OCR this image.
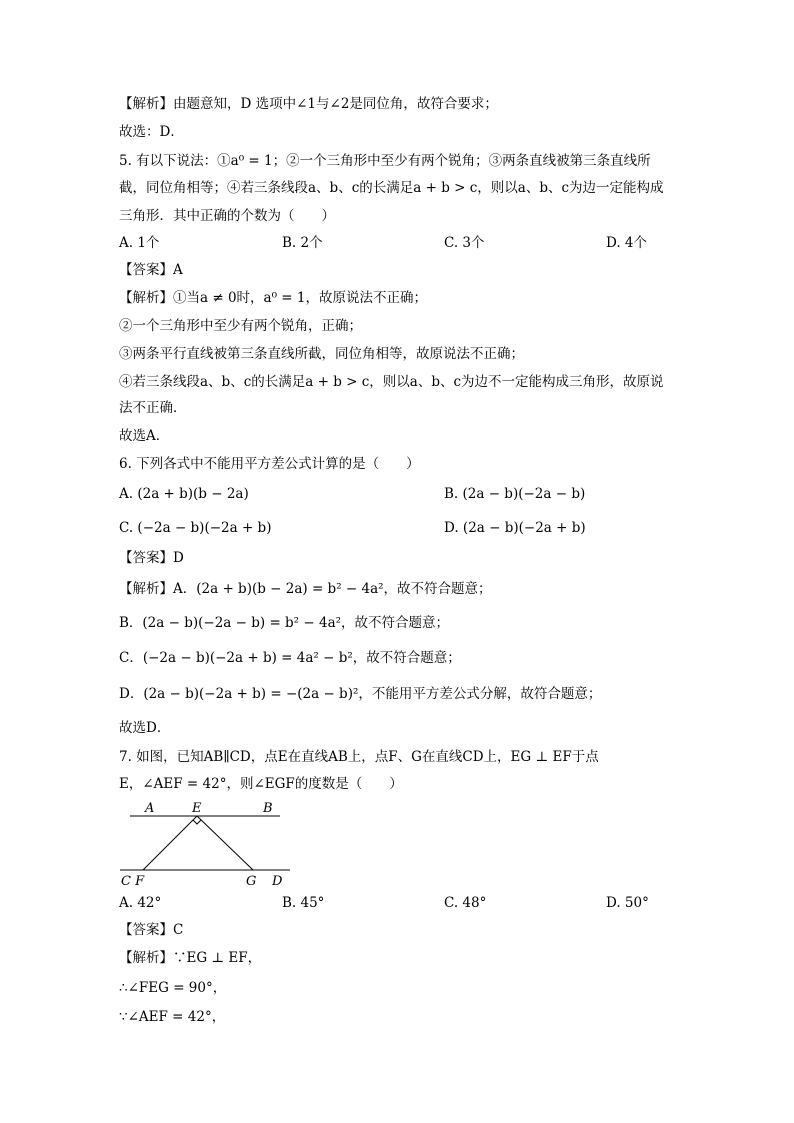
【解析】由题意知，D 选项中∠1与∠2是同位角，故符合要求；
故选：D．
5. 有以下说法：①a⁰ = 1；②一个三角形中至少有两个锐角；③两条直线被第三条直线所
截，同位角相等；④若三条线段a、b、c的长满足a + b > c，则以a、b、c为边一定能构成
三角形．其中正确的个数为（　　）
A. 1个	B. 2个	C. 3个	D. 4个
【答案】A
【解析】①当a ≠ 0时，a⁰ = 1，故原说法不正确；
②一个三角形中至少有两个锐角，正确；
③两条平行直线被第三条直线所截，同位角相等，故原说法不正确；
④若三条线段a、b、c的长满足a + b > c，则以a、b、c为边不一定能构成三角形，故原说
法不正确．
故选A．
6. 下列各式中不能用平方差公式计算的是（　　）
A. (2a + b)(b − 2a)	B. (2a − b)(−2a − b)
C. (−2a − b)(−2a + b)	D. (2a − b)(−2a + b)
【答案】D
【解析】A．(2a + b)(b − 2a) = b² − 4a²，故不符合题意；
B．(2a − b)(−2a − b) = b² − 4a²，故不符合题意；
C．(−2a − b)(−2a + b) = 4a² − b²，故不符合题意；
D．(2a − b)(−2a + b) = −(2a − b)²，不能用平方差公式分解，故符合题意；
故选D．
7. 如图，已知AB∥CD，点E在直线AB上，点F、G在直线CD上，EG ⊥ EF于点
E，∠AEF = 42°，则∠EGF的度数是（　　）
A	E	B
C F	G D
A. 42°	B. 45°	C. 48°	D. 50°
【答案】C
【解析】∵EG ⊥ EF，
∴∠FEG = 90°，
∵∠AEF = 42°，
